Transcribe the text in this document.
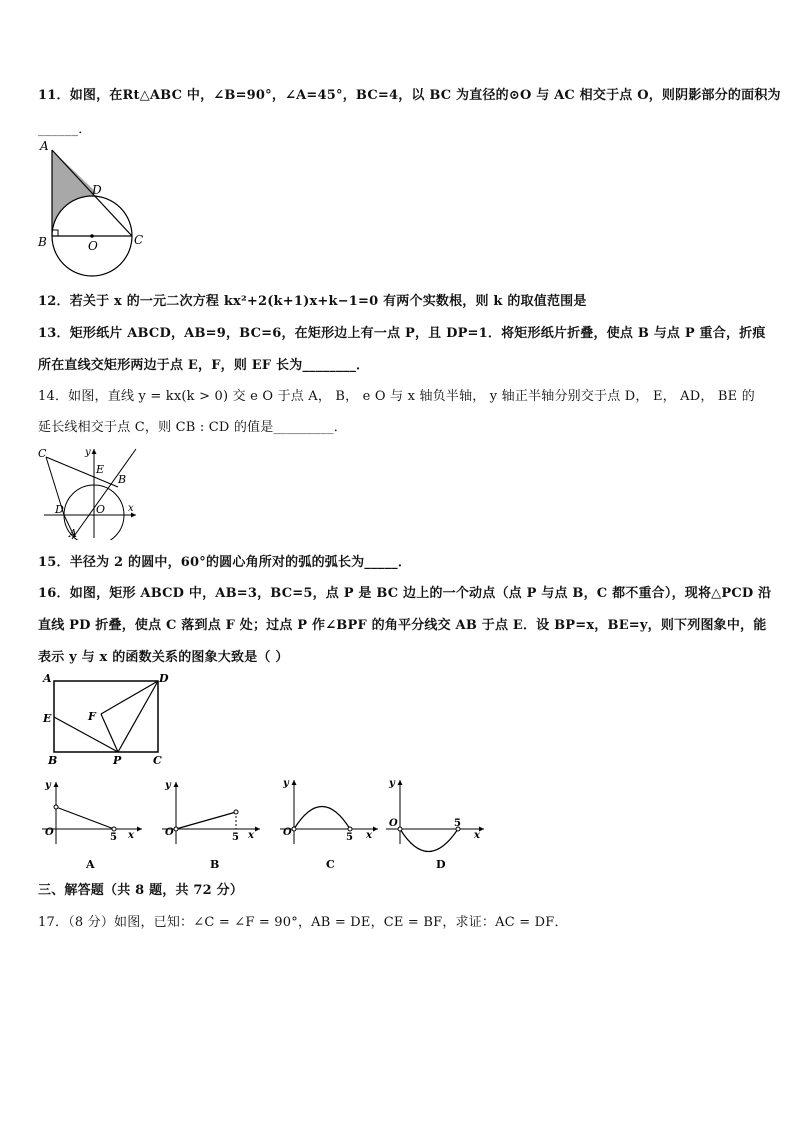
11．如图，在Rt△ABC 中，∠B=90°，∠A=45°，BC=4，以 BC 为直径的⊙O 与 AC 相交于点 O，则阴影部分的面积为
______．
A
D
B	O	C
12．若关于 x 的一元二次方程 kx²+2(k+1)x+k−1=0 有两个实数根，则 k 的取值范围是
13．矩形纸片 ABCD，AB=9，BC=6，在矩形边上有一点 P，且 DP=1．将矩形纸片折叠，使点 B 与点 P 重合，折痕
所在直线交矩形两边于点 E，F，则 EF 长为________．
14．如图，直线 y = kx(k > 0) 交 e O 于点 A， B， e O 与 x 轴负半轴， y 轴正半轴分别交于点 D， E， AD， BE 的
延长线相交于点 C，则 CB : CD 的值是_________．
C	y
E
B
D	O x
A
15．半径为 2 的圆中，60°的圆心角所对的弧的弧长为_____．
16．如图，矩形 ABCD 中，AB=3，BC=5，点 P 是 BC 边上的一个动点（点 P 与点 B，C 都不重合），现将△PCD 沿
直线 PD 折叠，使点 C 落到点 F 处；过点 P 作∠BPF 的角平分线交 AB 于点 E．设 BP=x，BE=y，则下列图象中，能
表示 y 与 x 的函数关系的图象大致是（ ）
A	D
E	F
B	P	C
y
O	5 x
A
y
O	5 x
B
y
O	5 x
C
y
O	5
x
D
三、解答题（共 8 题，共 72 分）
17．（8 分）如图，已知：∠C = ∠F = 90°，AB = DE，CE = BF，求证：AC = DF．
